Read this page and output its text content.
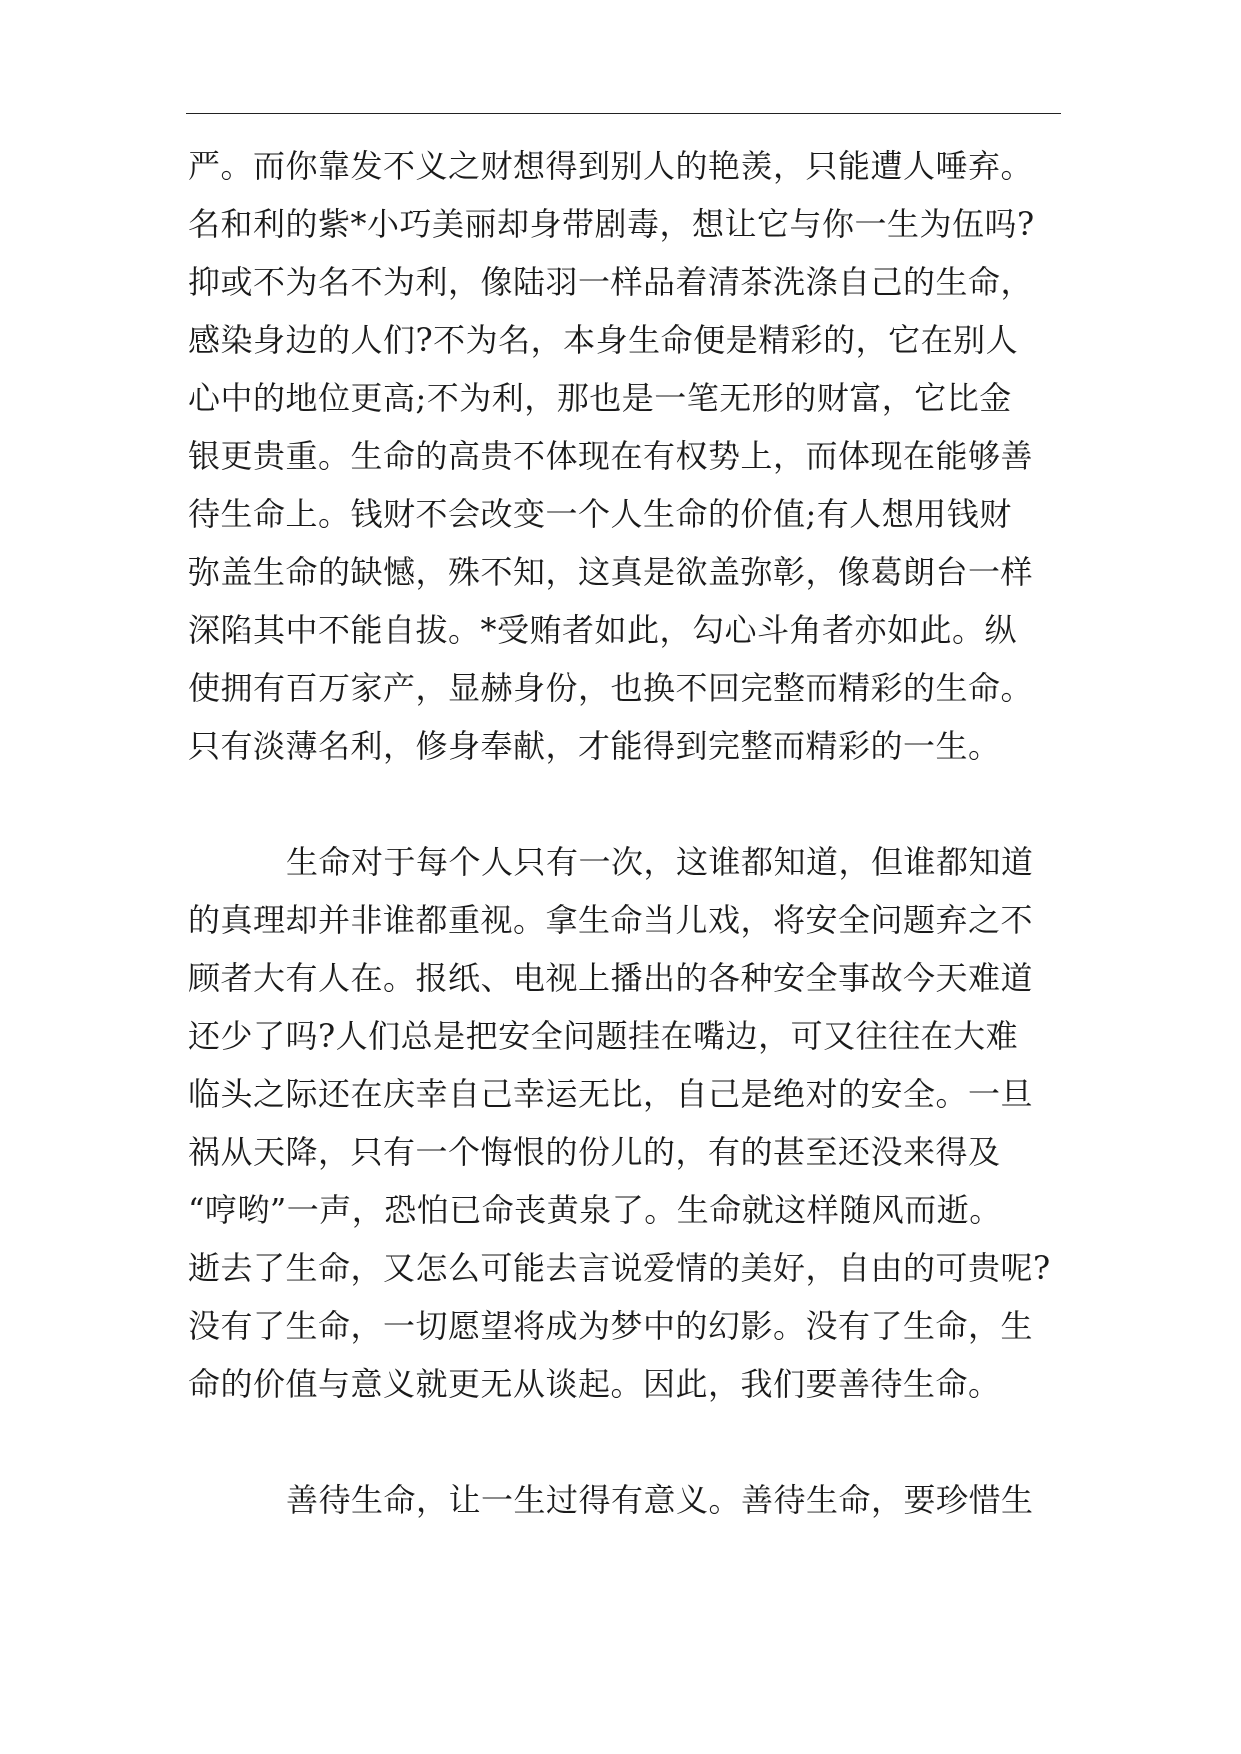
严。而你靠发不义之财想得到别人的艳羡，只能遭人唾弃。
名和利的紫*小巧美丽却身带剧毒，想让它与你一生为伍吗?
抑或不为名不为利，像陆羽一样品着清茶洗涤自己的生命，
感染身边的人们?不为名，本身生命便是精彩的，它在别人
心中的地位更高;不为利，那也是一笔无形的财富，它比金
银更贵重。生命的高贵不体现在有权势上，而体现在能够善
待生命上。钱财不会改变一个人生命的价值;有人想用钱财
弥盖生命的缺憾，殊不知，这真是欲盖弥彰，像葛朗台一样
深陷其中不能自拔。*受贿者如此，勾心斗角者亦如此。纵
使拥有百万家产，显赫身份，也换不回完整而精彩的生命。
只有淡薄名利，修身奉献，才能得到完整而精彩的一生。
生命对于每个人只有一次，这谁都知道，但谁都知道
的真理却并非谁都重视。拿生命当儿戏，将安全问题弃之不
顾者大有人在。报纸、电视上播出的各种安全事故今天难道
还少了吗?人们总是把安全问题挂在嘴边，可又往往在大难
临头之际还在庆幸自己幸运无比，自己是绝对的安全。一旦
祸从天降，只有一个悔恨的份儿的，有的甚至还没来得及
“哼哟”一声，恐怕已命丧黄泉了。生命就这样随风而逝。
逝去了生命，又怎么可能去言说爱情的美好，自由的可贵呢?
没有了生命，一切愿望将成为梦中的幻影。没有了生命，生
命的价值与意义就更无从谈起。因此，我们要善待生命。
善待生命，让一生过得有意义。善待生命，要珍惜生
